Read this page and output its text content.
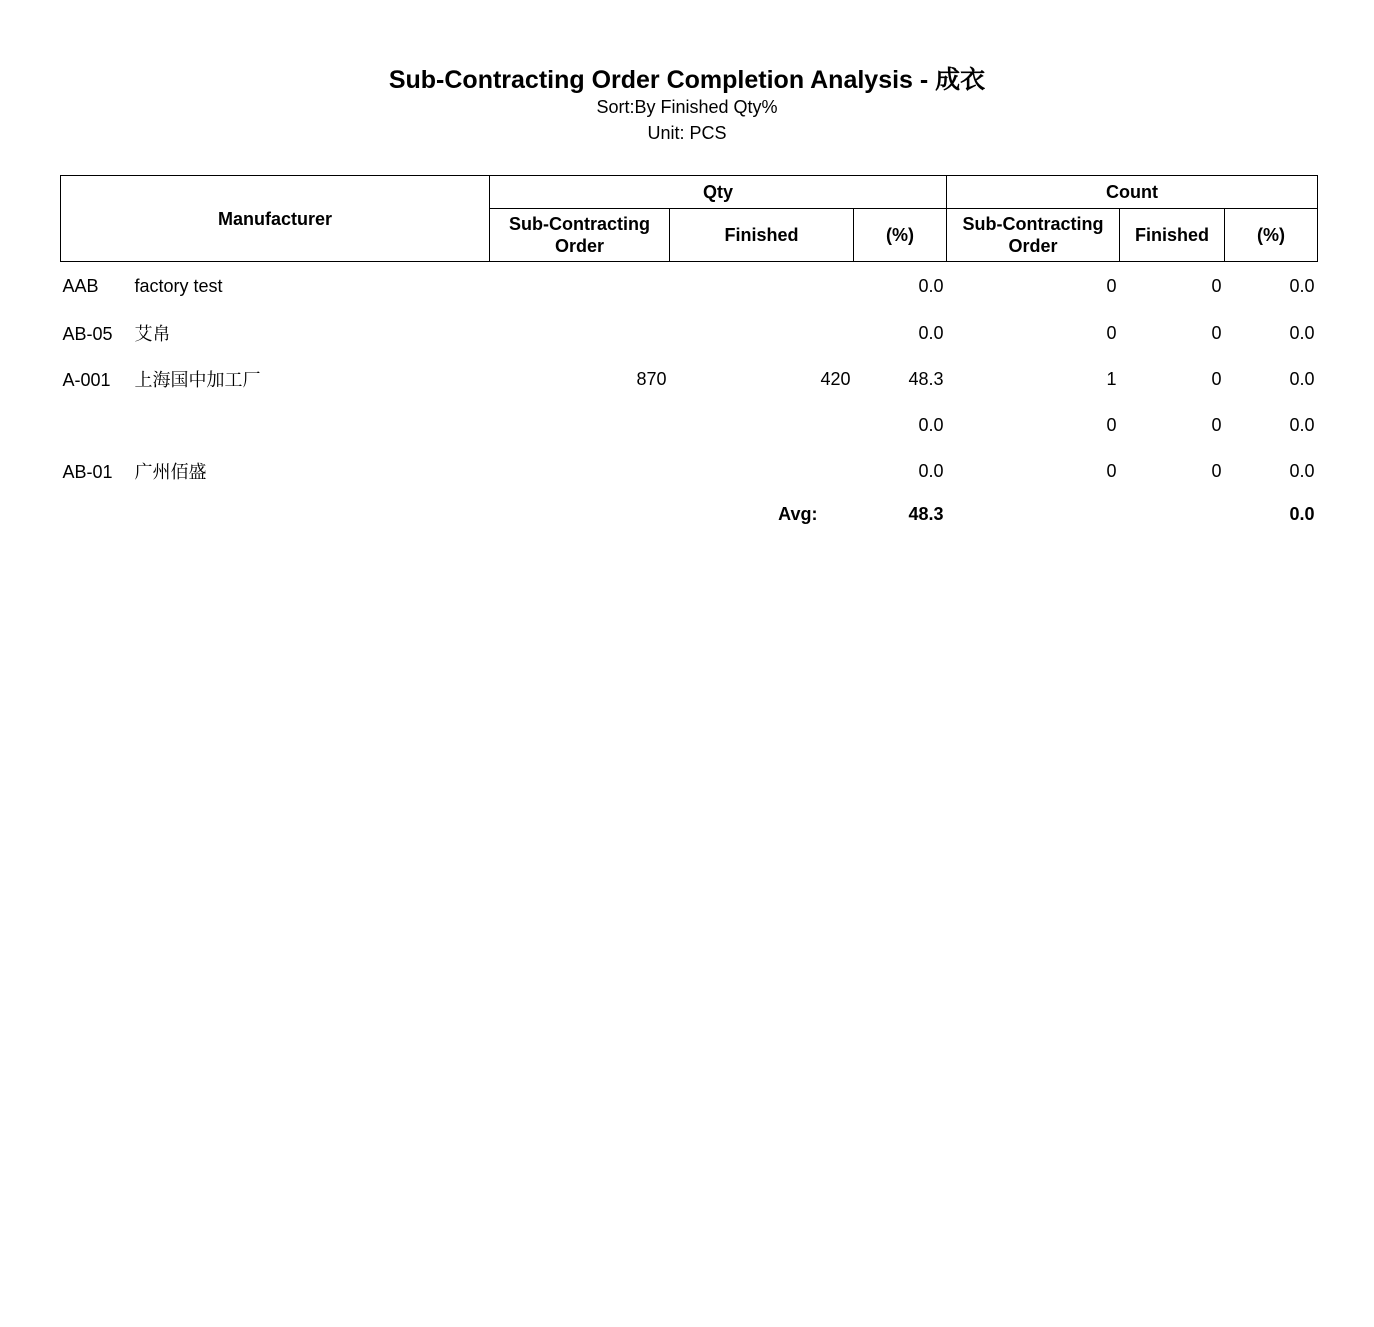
Sub-Contracting Order Completion Analysis - 成衣
Sort:By Finished Qty%
Unit: PCS
Manufacturer	Qty			Count		
	Sub-Contracting Order	Finished	(%)	Sub-Contracting Order	Finished	(%)
AAB factory test			0.0	0	0	0.0
AB-05 艾帛			0.0	0	0	0.0
A-001 上海国中加工厂	870	420	48.3	1	0	0.0
			0.0	0	0	0.0
AB-01 广州佰盛			0.0	0	0	0.0
		Avg:	48.3			0.0
